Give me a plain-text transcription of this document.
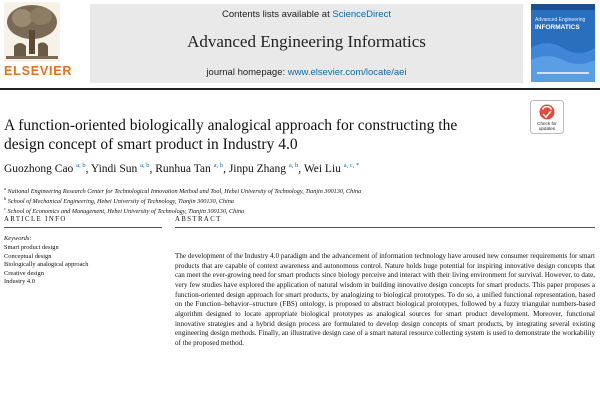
ELSEVIER
Contents lists available at ScienceDirect
Advanced Engineering Informatics
journal homepage: www.elsevier.com/locate/aei
Advanced Engineering
INFORMATICS
A function-oriented biologically analogical approach for constructing the
design concept of smart product in Industry 4.0
Check for
updates
Guozhong Cao $^{a, b}$, Yindi Sun $^{a, b}$, Runhua Tan $^{a, b}$, Jinpu Zhang $^{a, b}$, Wei Liu $^{a, c, *}$
$^a$ National Engineering Research Center for Technological Innovation Method and Tool, Hebei University of Technology, Tianjin 300130, China
$^b$ School of Mechanical Engineering, Hebei University of Technology, Tianjin 300130, China
$^c$ School of Economics and Management, Hebei University of Technology, Tianjin 300130, China
ARTICLE INFO
Keywords:
Smart product design
Conceptual design
Biologically analogical approach
Creative design
Industry 4.0
ABSTRACT
The development of the Industry 4.0 paradigm and the advancement of information technology have aroused new consumer requirements for smart products that are capable of context awareness and autonomous control. Nature holds huge potential for inspiring innovative design concepts that can meet the ever-growing need for smart products since biology perceive and interact with their living environment for survival. However, to date, very few studies have explored the application of natural wisdom in building innovative design concepts for smart products. This paper proposes a function-oriented design approach for smart products, by analogizing to biological prototypes. To do so, a unified functional representation, based on the Function–behavior–structure (FBS) ontology, is proposed to abstract biological prototypes, followed by a fuzzy triangular numbers-based algorithm designed to locate appropriate biological prototypes as analogical sources for smart product development. Moreover, functional innovative strategies and a hybrid design process are formulated to develop design concepts of smart products, by integrating several existing engineering design methods. Finally, an illustrative design case of a smart natural resource collecting system is used to demonstrate the workability of the proposed method.
